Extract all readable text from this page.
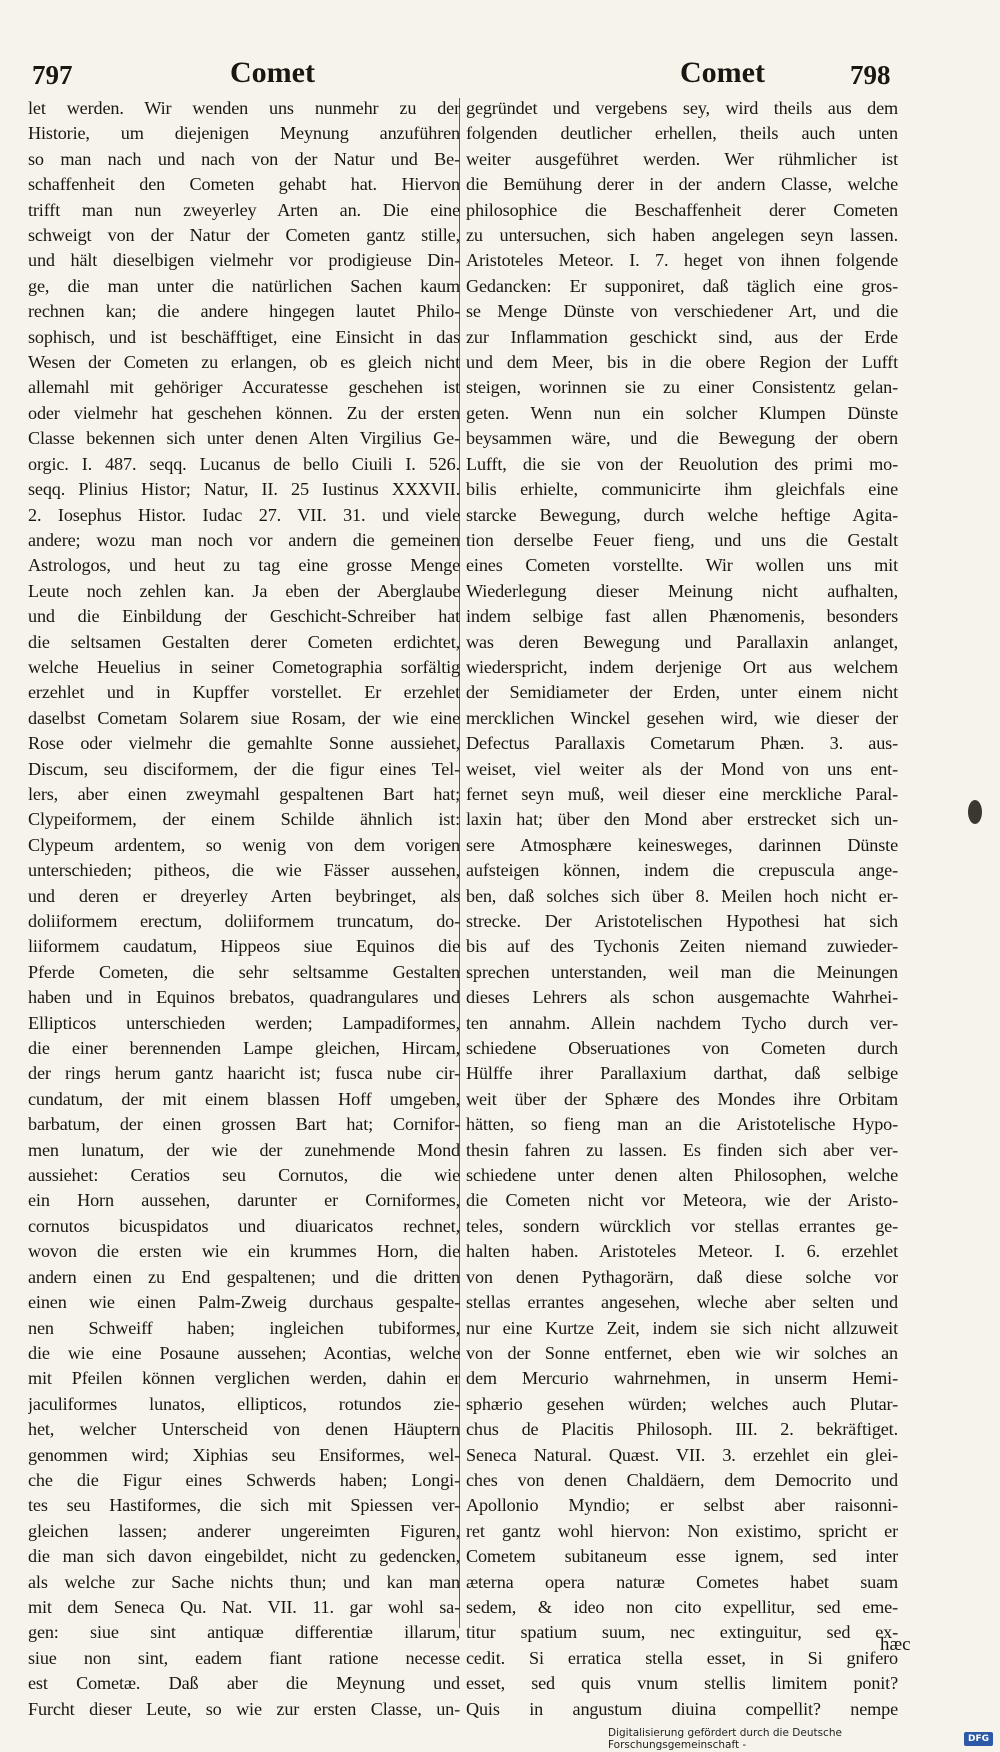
797	Comet	Comet	798
let werden. Wir wenden uns nunmehr zu der
Historie, um diejenigen Meynung anzuführen
so man nach und nach von der Natur und Be-
schaffenheit den Cometen gehabt hat. Hiervon
trifft man nun zweyerley Arten an. Die eine
schweigt von der Natur der Cometen gantz stille,
und hält dieselbigen vielmehr vor prodigieuse Din-
ge, die man unter die natürlichen Sachen kaum
rechnen kan; die andere hingegen lautet Philo-
sophisch, und ist beschäfftiget, eine Einsicht in das
Wesen der Cometen zu erlangen, ob es gleich nicht
allemahl mit gehöriger Accuratesse geschehen ist
oder vielmehr hat geschehen können. Zu der ersten
Classe bekennen sich unter denen Alten Virgilius Ge-
orgic. I. 487. seqq. Lucanus de bello Ciuili I. 526.
seqq. Plinius Histor; Natur, II. 25 Iustinus XXXVII.
2. Iosephus Histor. Iudac 27. VII. 31. und viele
andere; wozu man noch vor andern die gemeinen
Astrologos, und heut zu tag eine grosse Menge
Leute noch zehlen kan. Ja eben der Aberglaube
und die Einbildung der Geschicht-Schreiber hat
die seltsamen Gestalten derer Cometen erdichtet,
welche Heuelius in seiner Cometographia sorfältig
erzehlet und in Kupffer vorstellet. Er erzehlet
daselbst Cometam Solarem siue Rosam, der wie eine
Rose oder vielmehr die gemahlte Sonne aussiehet,
Discum, seu disciformem, der die figur eines Tel-
lers, aber einen zweymahl gespaltenen Bart hat;
Clypeiformem, der einem Schilde ähnlich ist:
Clypeum ardentem, so wenig von dem vorigen
unterschieden; pitheos, die wie Fässer aussehen,
und deren er dreyerley Arten beybringet, als
doliiformem erectum, doliiformem truncatum, do-
liiformem caudatum, Hippeos siue Equinos die
Pferde Cometen, die sehr seltsamme Gestalten
haben und in Equinos brebatos, quadrangulares und
Ellipticos unterschieden werden; Lampadiformes,
die einer berennenden Lampe gleichen, Hircam,
der rings herum gantz haaricht ist; fusca nube cir-
cundatum, der mit einem blassen Hoff umgeben,
barbatum, der einen grossen Bart hat; Cornifor-
men lunatum, der wie der zunehmende Mond
aussiehet: Ceratios seu Cornutos, die wie
ein Horn aussehen, darunter er Corniformes,
cornutos bicuspidatos und diuaricatos rechnet,
wovon die ersten wie ein krummes Horn, die
andern einen zu End gespaltenen; und die dritten
einen wie einen Palm-Zweig durchaus gespalte-
nen Schweiff haben; ingleichen tubiformes,
die wie eine Posaune aussehen; Acontias, welche
mit Pfeilen können verglichen werden, dahin er
jaculiformes lunatos, ellipticos, rotundos zie-
het, welcher Unterscheid von denen Häuptern
genommen wird; Xiphias seu Ensiformes, wel-
che die Figur eines Schwerds haben; Longi-
tes seu Hastiformes, die sich mit Spiessen ver-
gleichen lassen; anderer ungereimten Figuren,
die man sich davon eingebildet, nicht zu gedencken,
als welche zur Sache nichts thun; und kan man
mit dem Seneca Qu. Nat. VII. 11. gar wohl sa-
gen: siue sint antiquæ differentiæ illarum,
siue non sint, eadem fiant ratione necesse
est Cometæ. Daß aber die Meynung und
Furcht dieser Leute, so wie zur ersten Classe, un-
gegründet und vergebens sey, wird theils aus dem
folgenden deutlicher erhellen, theils auch unten
weiter ausgeführet werden. Wer rühmlicher ist
die Bemühung derer in der andern Classe, welche
philosophice die Beschaffenheit derer Cometen
zu untersuchen, sich haben angelegen seyn lassen.
Aristoteles Meteor. I. 7. heget von ihnen folgende
Gedancken: Er supponiret, daß täglich eine gros-
se Menge Dünste von verschiedener Art, und die
zur Inflammation geschickt sind, aus der Erde
und dem Meer, bis in die obere Region der Lufft
steigen, worinnen sie zu einer Consistentz gelan-
geten. Wenn nun ein solcher Klumpen Dünste
beysammen wäre, und die Bewegung der obern
Lufft, die sie von der Reuolution des primi mo-
bilis erhielte, communicirte ihm gleichfals eine
starcke Bewegung, durch welche heftige Agita-
tion derselbe Feuer fieng, und uns die Gestalt
eines Cometen vorstellte. Wir wollen uns mit
Wiederlegung dieser Meinung nicht aufhalten,
indem selbige fast allen Phænomenis, besonders
was deren Bewegung und Parallaxin anlanget,
wiederspricht, indem derjenige Ort aus welchem
der Semidiameter der Erden, unter einem nicht
mercklichen Winckel gesehen wird, wie dieser der
Defectus Parallaxis Cometarum Phæn. 3. aus-
weiset, viel weiter als der Mond von uns ent-
fernet seyn muß, weil dieser eine merckliche Paral-
laxin hat; über den Mond aber erstrecket sich un-
sere Atmosphære keinesweges, darinnen Dünste
aufsteigen können, indem die crepuscula ange-
ben, daß solches sich über 8. Meilen hoch nicht er-
strecke. Der Aristotelischen Hypothesi hat sich
bis auf des Tychonis Zeiten niemand zuwieder-
sprechen unterstanden, weil man die Meinungen
dieses Lehrers als schon ausgemachte Wahrhei-
ten annahm. Allein nachdem Tycho durch ver-
schiedene Obseruationes von Cometen durch
Hülffe ihrer Parallaxium darthat, daß selbige
weit über der Sphære des Mondes ihre Orbitam
hätten, so fieng man an die Aristotelische Hypo-
thesin fahren zu lassen. Es finden sich aber ver-
schiedene unter denen alten Philosophen, welche
die Cometen nicht vor Meteora, wie der Aristo-
teles, sondern würcklich vor stellas errantes ge-
halten haben. Aristoteles Meteor. I. 6. erzehlet
von denen Pythagorärn, daß diese solche vor
stellas errantes angesehen, wleche aber selten und
nur eine Kurtze Zeit, indem sie sich nicht allzuweit
von der Sonne entfernet, eben wie wir solches an
dem Mercurio wahrnehmen, in unserm Hemi-
sphærio gesehen würden; welches auch Plutar-
chus de Placitis Philosoph. III. 2. bekräftiget.
Seneca Natural. Quæst. VII. 3. erzehlet ein glei-
ches von denen Chaldäern, dem Democrito und
Apollonio Myndio; er selbst aber raisonni-
ret gantz wohl hiervon: Non existimo, spricht er
Cometem subitaneum esse ignem, sed inter
æterna opera naturæ Cometes habet suam
sedem, & ideo non cito expellitur, sed eme-
titur spatium suum, nec extinguitur, sed ex-
cedit. Si erratica stella esset, in Si gnifero
esset, sed quis vnum stellis limitem ponit?
Quis in angustum diuina compellit? nempe
hæc
Digitalisierung gefördert durch die Deutsche Forschungsgemeinschaft -	DFG
